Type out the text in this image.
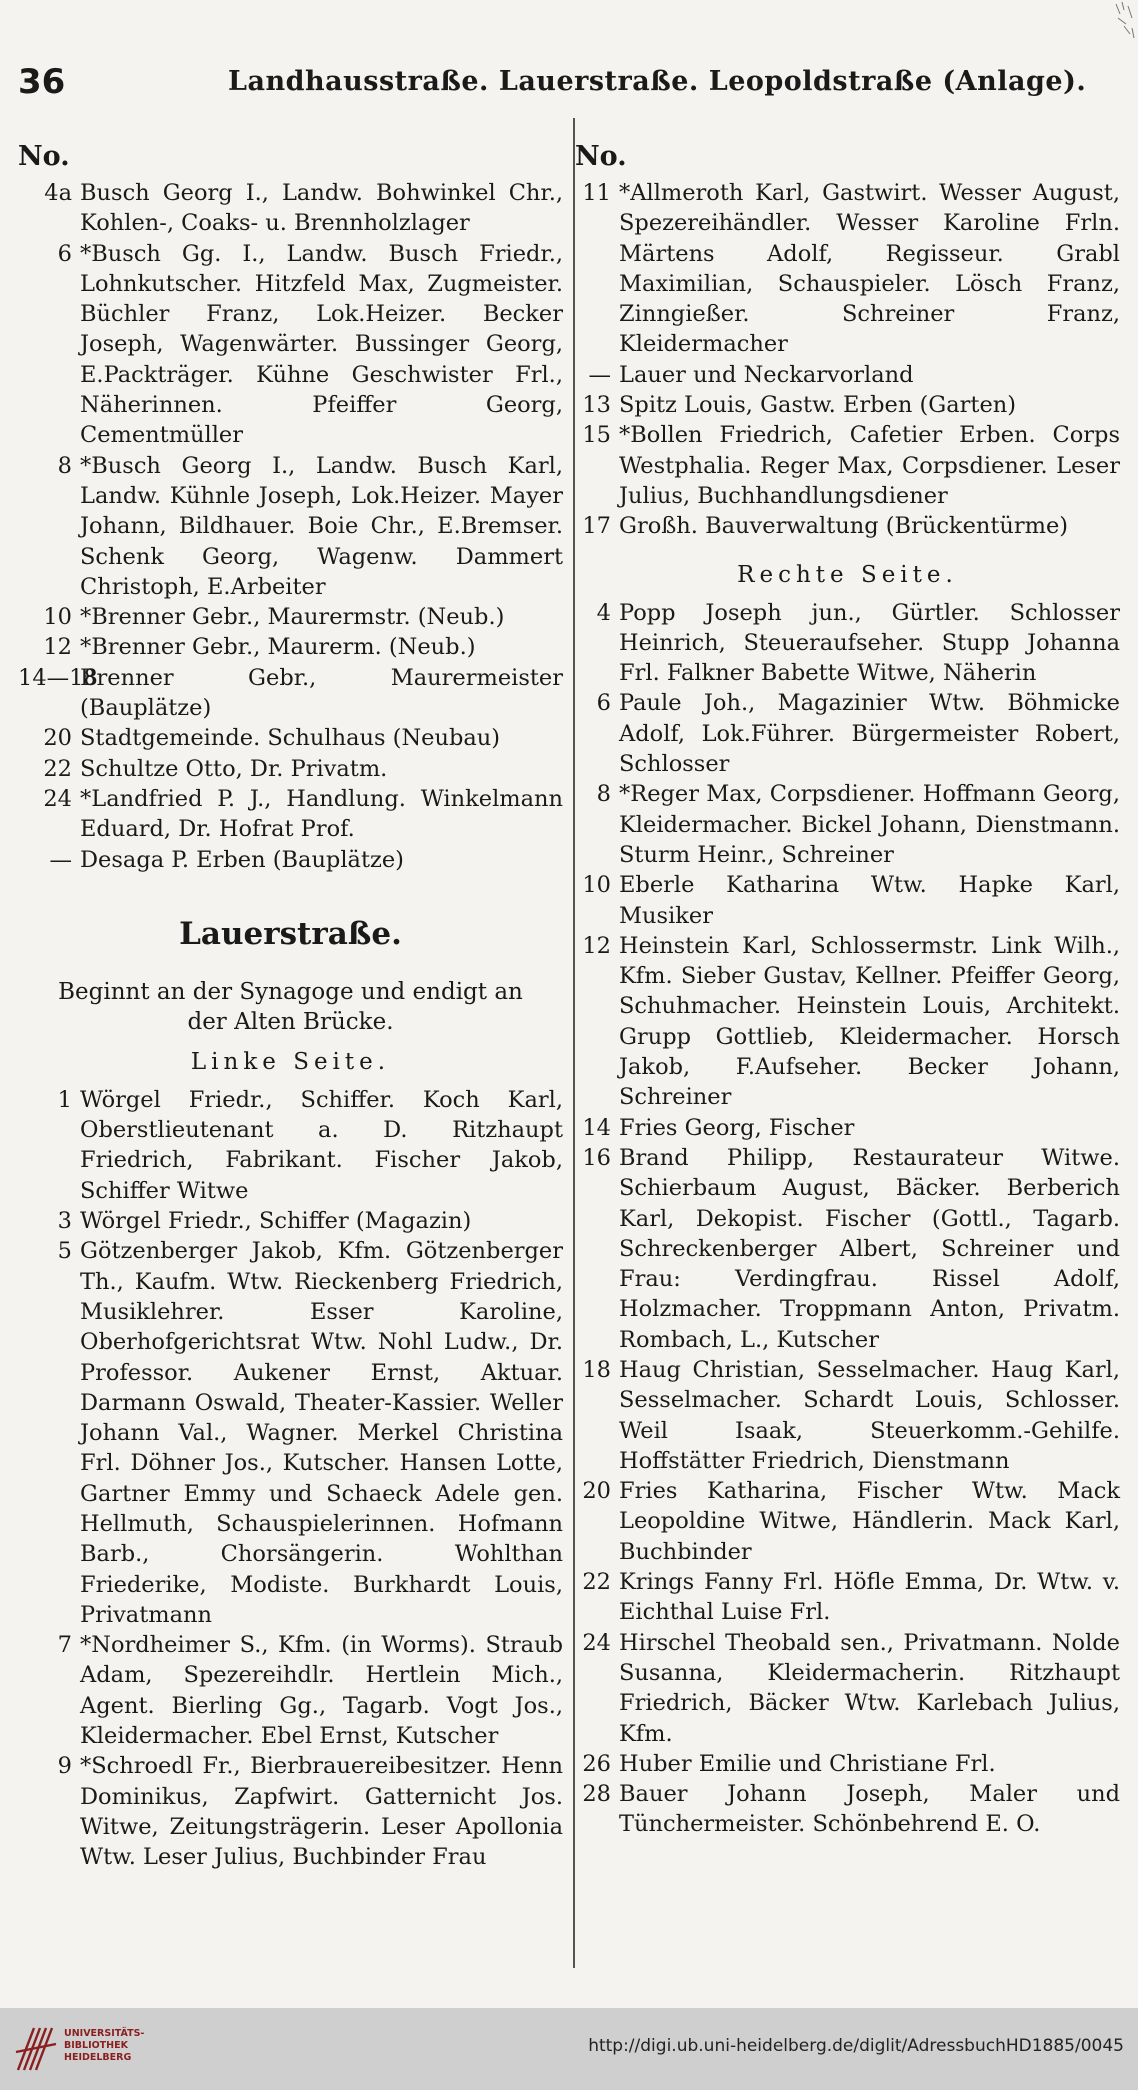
36	Landhausstraße. Lauerstraße. Leopoldstraße (Anlage).
No.
4a Busch Georg I., Landw. Bohwinkel Chr., Kohlen-, Coaks- u. Brennholzlager
6 *Busch Gg. I., Landw. Busch Friedr., Lohnkutscher. Hitzfeld Max, Zugmeister. Büchler Franz, Lok.Heizer. Becker Joseph, Wagenwärter. Bussinger Georg, E.Packträger. Kühne Geschwister Frl., Näherinnen. Pfeiffer Georg, Cementmüller
8 *Busch Georg I., Landw. Busch Karl, Landw. Kühnle Joseph, Lok.Heizer. Mayer Johann, Bildhauer. Boie Chr., E.Bremser. Schenk Georg, Wagenw. Dammert Christoph, E.Arbeiter
10 *Brenner Gebr., Maurermstr. (Neub.)
12 *Brenner Gebr., Maurerm. (Neub.)
14—18
Brenner Gebr., Maurermeister (Bauplätze)
20 Stadtgemeinde. Schulhaus (Neubau)
22 Schultze Otto, Dr. Privatm.
24 *Landfried P. J., Handlung. Winkelmann Eduard, Dr. Hofrat Prof.
— Desaga P. Erben (Bauplätze)
Lauerstraße.
Beginnt an der Synagoge und endigt an der Alten Brücke.
Linke Seite.
1 Wörgel Friedr., Schiffer. Koch Karl, Oberstlieutenant a. D. Ritzhaupt Friedrich, Fabrikant. Fischer Jakob, Schiffer Witwe
3 Wörgel Friedr., Schiffer (Magazin)
5 Götzenberger Jakob, Kfm. Götzenberger Th., Kaufm. Wtw. Rieckenberg Friedrich, Musiklehrer. Esser Karoline, Oberhofgerichtsrat Wtw. Nohl Ludw., Dr. Professor. Aukener Ernst, Aktuar. Darmann Oswald, Theater-Kassier. Weller Johann Val., Wagner. Merkel Christina Frl. Döhner Jos., Kutscher. Hansen Lotte, Gartner Emmy und Schaeck Adele gen. Hellmuth, Schauspielerinnen. Hofmann Barb., Chorsängerin. Wohlthan Friederike, Modiste. Burkhardt Louis, Privatmann
7 *Nordheimer S., Kfm. (in Worms). Straub Adam, Spezereihdlr. Hertlein Mich., Agent. Bierling Gg., Tagarb. Vogt Jos., Kleidermacher. Ebel Ernst, Kutscher
9 *Schroedl Fr., Bierbrauereibesitzer. Henn Dominikus, Zapfwirt. Gatternicht Jos. Witwe, Zeitungsträgerin. Leser Apollonia Wtw. Leser Julius, Buchbinder Frau
No.
11 *Allmeroth Karl, Gastwirt. Wesser August, Spezereihändler. Wesser Karoline Frln. Märtens Adolf, Regisseur. Grabl Maximilian, Schauspieler. Lösch Franz, Zinngießer. Schreiner Franz, Kleidermacher
— Lauer und Neckarvorland
13 Spitz Louis, Gastw. Erben (Garten)
15 *Bollen Friedrich, Cafetier Erben. Corps Westphalia. Reger Max, Corpsdiener. Leser Julius, Buchhandlungsdiener
17 Großh. Bauverwaltung (Brückentürme)
Rechte Seite.
4 Popp Joseph jun., Gürtler. Schlosser Heinrich, Steueraufseher. Stupp Johanna Frl. Falkner Babette Witwe, Näherin
6 Paule Joh., Magazinier Wtw. Böhmicke Adolf, Lok.Führer. Bürgermeister Robert, Schlosser
8 *Reger Max, Corpsdiener. Hoffmann Georg, Kleidermacher. Bickel Johann, Dienstmann. Sturm Heinr., Schreiner
10 Eberle Katharina Wtw. Hapke Karl, Musiker
12 Heinstein Karl, Schlossermstr. Link Wilh., Kfm. Sieber Gustav, Kellner. Pfeiffer Georg, Schuhmacher. Heinstein Louis, Architekt. Grupp Gottlieb, Kleidermacher. Horsch Jakob, F.Aufseher. Becker Johann, Schreiner
14 Fries Georg, Fischer
16 Brand Philipp, Restaurateur Witwe. Schierbaum August, Bäcker. Berberich Karl, Dekopist. Fischer (Gottl., Tagarb. Schreckenberger Albert, Schreiner und Frau: Verdingfrau. Rissel Adolf, Holzmacher. Troppmann Anton, Privatm. Rombach, L., Kutscher
18 Haug Christian, Sesselmacher. Haug Karl, Sesselmacher. Schardt Louis, Schlosser. Weil Isaak, Steuerkomm.-Gehilfe. Hoffstätter Friedrich, Dienstmann
20 Fries Katharina, Fischer Wtw. Mack Leopoldine Witwe, Händlerin. Mack Karl, Buchbinder
22 Krings Fanny Frl. Höfle Emma, Dr. Wtw. v. Eichthal Luise Frl.
24 Hirschel Theobald sen., Privatmann. Nolde Susanna, Kleidermacherin. Ritzhaupt Friedrich, Bäcker Wtw. Karlebach Julius, Kfm.
26 Huber Emilie und Christiane Frl.
28 Bauer Johann Joseph, Maler und Tünchermeister. Schönbehrend E. O.
UNIVERSITÄTS-
BIBLIOTHEK
HEIDELBERG
http://digi.ub.uni-heidelberg.de/diglit/AdressbuchHD1885/0045
